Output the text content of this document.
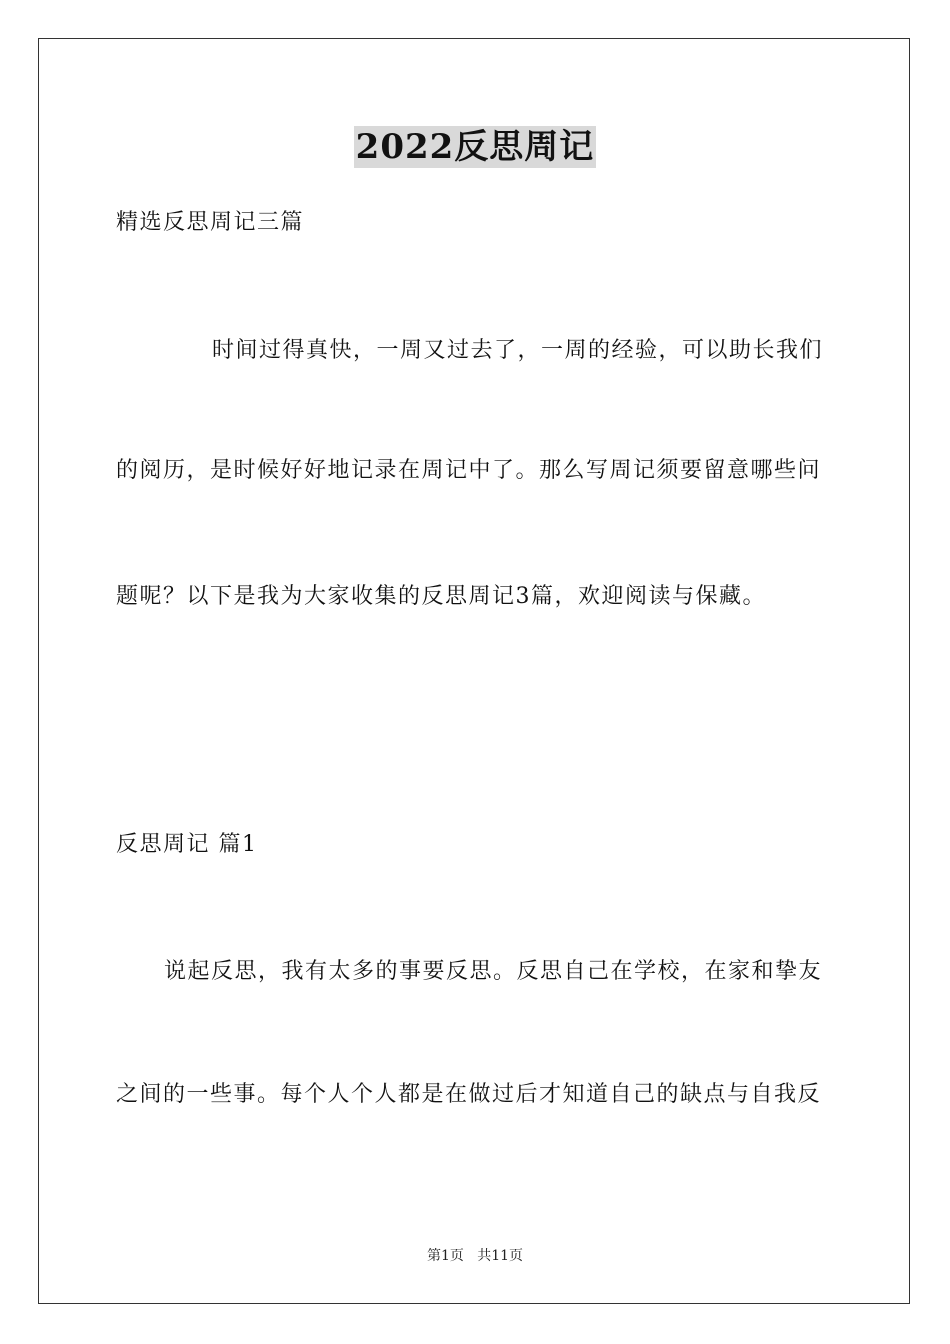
2022反思周记
精选反思周记三篇
时间过得真快，一周又过去了，一周的经验，可以助长我们
的阅历，是时候好好地记录在周记中了。那么写周记须要留意哪些问
题呢？以下是我为大家收集的反思周记3篇，欢迎阅读与保藏。
反思周记 篇1
说起反思，我有太多的事要反思。反思自己在学校，在家和挚友
之间的一些事。每个人个人都是在做过后才知道自己的缺点与自我反
第1页   共11页
